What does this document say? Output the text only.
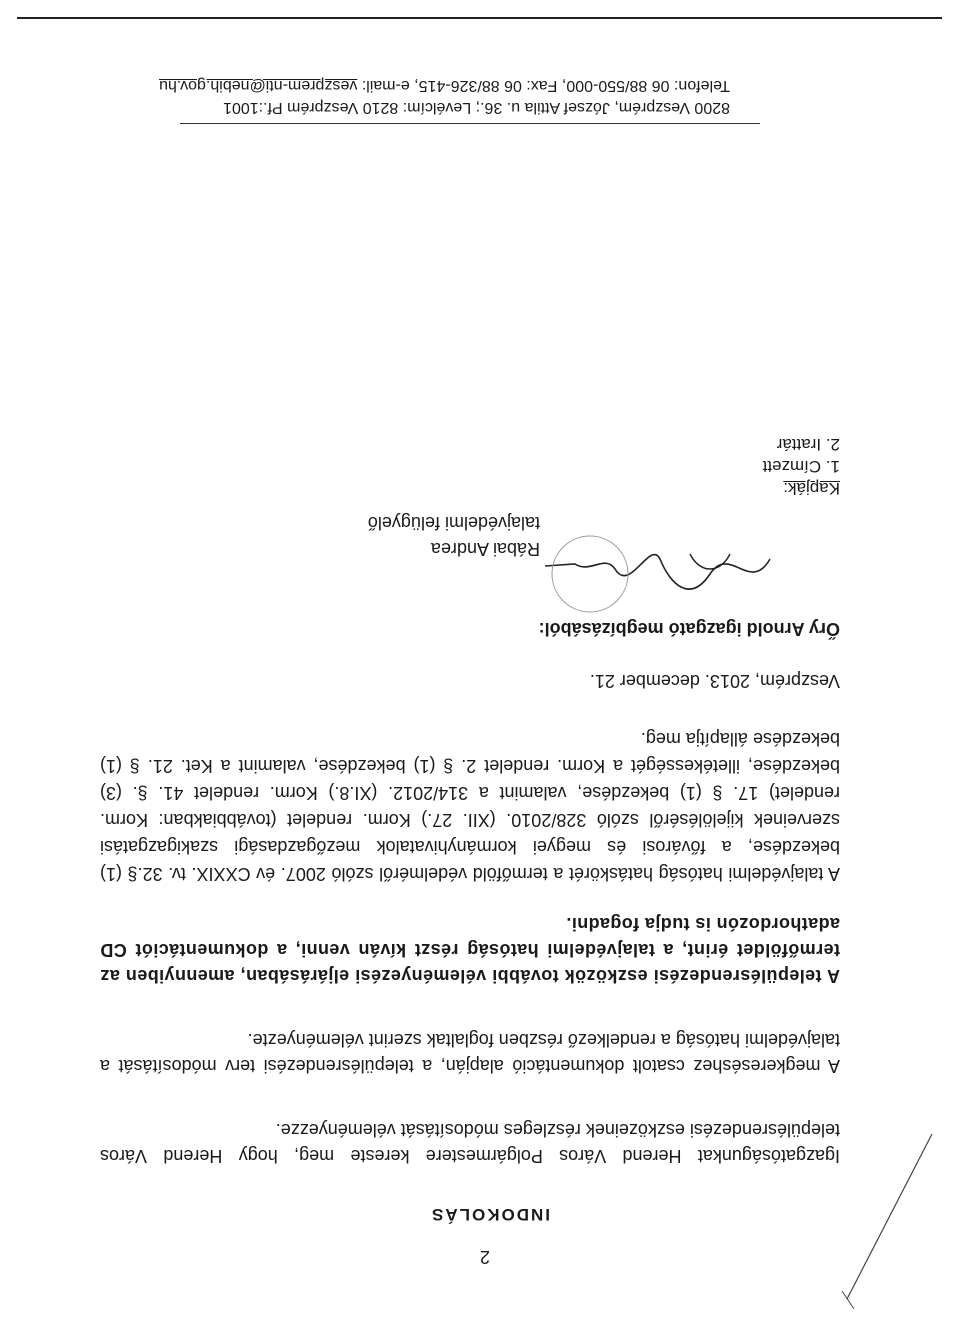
2
INDOKOLÁS
Igazgatóságunkat Herend Város Polgármestere kereste meg, hogy Herend Város településrendezési eszközeinek részleges módosítását véleményezze.
A megkereséshez csatolt dokumentáció alapján, a településrendezési terv módosítását a talajvédelmi hatóság a rendelkező részben foglaltak szerint véleményezte.
A településrendezési eszközök további véleményezési eljárásában, amennyiben az termőföldet érint, a talajvédelmi hatóság részt kíván venni, a dokumentációt CD adathordozón is tudja fogadni.
A talajvédelmi hatóság hatáskörét a termőföld védelméről szóló 2007. év CXXIX. tv. 32.§ (1) bekezdése, a fővárosi és megyei kormányhivatalok mezőgazdasági szakigazgatási szerveinek kijelöléséről szóló 328/2010. (XII. 27.) Korm. rendelet (továbbiakban: Korm. rendelet) 17. § (1) bekezdése, valamint a 314/2012. (XI.8.) Korm. rendelet 41. §. (3) bekezdése, illetékességét a Korm. rendelet 2. § (1) bekezdése, valamint a Ket. 21. § (1) bekezdése állapítja meg.
Veszprém, 2013. december 21.
Őry Arnold igazgató megbízásából:
Rábai Andrea
talajvédelmi felügyelő
Kapják:
1. Címzett
2. Irattár
8200 Veszprém, József Attila u. 36.; Levélcím: 8210 Veszprém Pf.:1001
Telefon: 06 88/550-000, Fax: 06 88/326-415, e-mail: veszprem-nti@nebih.gov.hu
